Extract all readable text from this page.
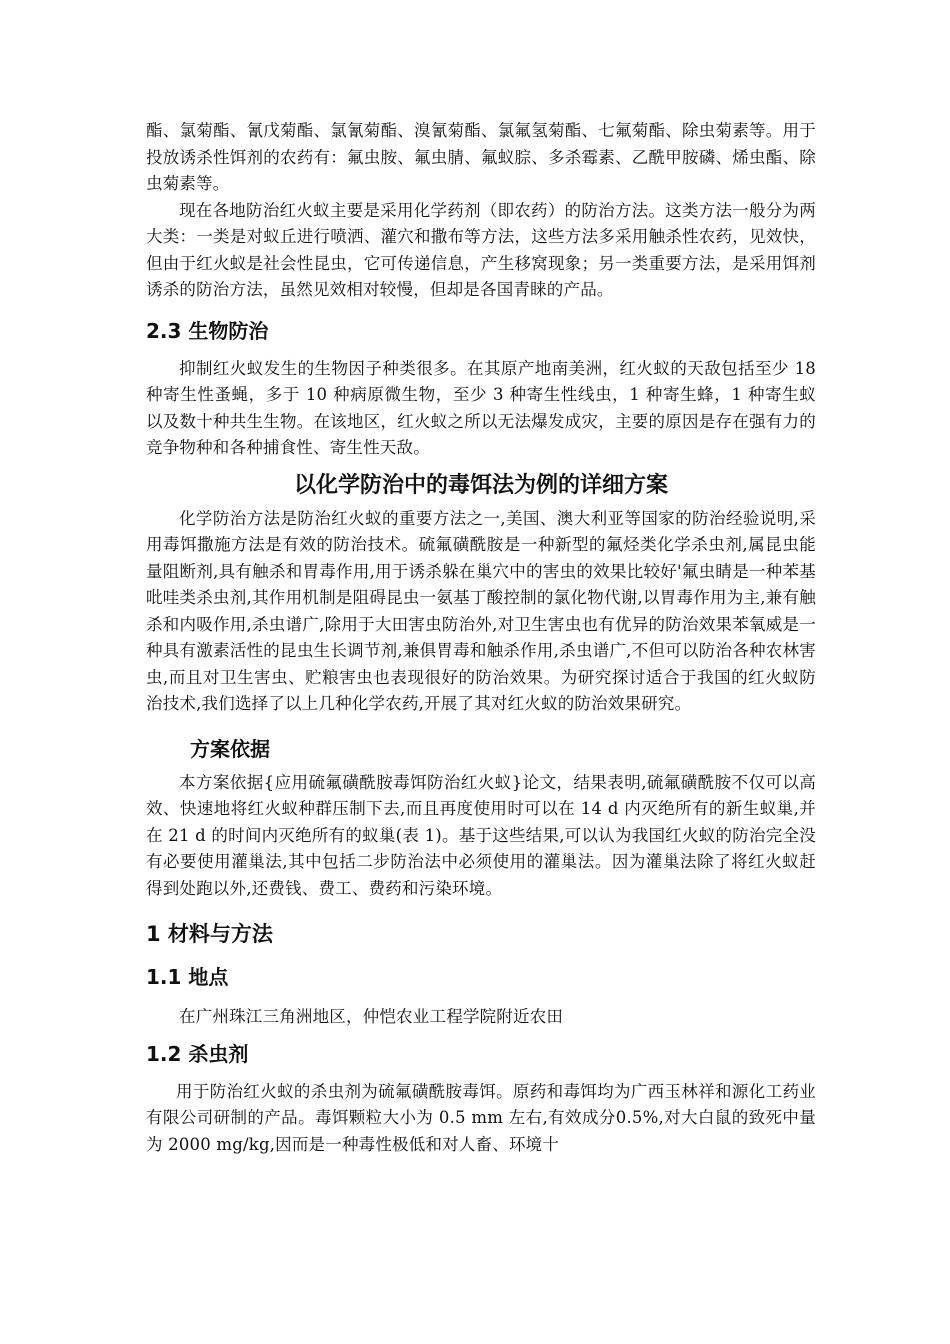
酯、氯菊酯、氰戊菊酯、氯氰菊酯、溴氰菊酯、氯氟氢菊酯、七氟菊酯、除虫菊素等。用于投放诱杀性饵剂的农药有：氟虫胺、氟虫腈、氟蚁腙、多杀霉素、乙酰甲胺磷、烯虫酯、除虫菊素等。

现在各地防治红火蚁主要是采用化学药剂（即农药）的防治方法。这类方法一般分为两大类：一类是对蚁丘进行喷洒、灌穴和撒布等方法，这些方法多采用触杀性农药，见效快，但由于红火蚁是社会性昆虫，它可传递信息，产生移窝现象；另一类重要方法，是采用饵剂诱杀的防治方法，虽然见效相对较慢，但却是各国青睐的产品。

2.3 生物防治

抑制红火蚁发生的生物因子种类很多。在其原产地南美洲，红火蚁的天敌包括至少 18 种寄生性蚤蝇，多于 10 种病原微生物，至少 3 种寄生性线虫，1 种寄生蜂，1 种寄生蚁以及数十种共生生物。在该地区，红火蚁之所以无法爆发成灾，主要的原因是存在强有力的竞争物种和各种捕食性、寄生性天敌。

以化学防治中的毒饵法为例的详细方案

化学防治方法是防治红火蚁的重要方法之一,美国、澳大利亚等国家的防治经验说明,采用毒饵撒施方法是有效的防治技术。硫氟磺酰胺是一种新型的氟烃类化学杀虫剂,属昆虫能量阻断剂,具有触杀和胃毒作用,用于诱杀躲在巢穴中的害虫的效果比较好'氟虫睛是一种苯基吡哇类杀虫剂,其作用机制是阻碍昆虫一氨基丁酸控制的氯化物代谢,以胃毒作用为主,兼有触杀和内吸作用,杀虫谱广,除用于大田害虫防治外,对卫生害虫也有优异的防治效果苯氧威是一种具有激素活性的昆虫生长调节剂,兼俱胃毒和触杀作用,杀虫谱广,不但可以防治各种农林害虫,而且对卫生害虫、贮粮害虫也表现很好的防治效果。为研究探讨适合于我国的红火蚁防治技术,我们选择了以上几种化学农药,开展了其对红火蚁的防治效果研究。

方案依据

本方案依据{应用硫氟磺酰胺毒饵防治红火蚁}论文，结果表明,硫氟磺酰胺不仅可以高效、快速地将红火蚁种群压制下去,而且再度使用时可以在 14 d 内灭绝所有的新生蚁巢,并在 21 d 的时间内灭绝所有的蚁巢(表 1)。基于这些结果,可以认为我国红火蚁的防治完全没有必要使用灌巢法,其中包括二步防治法中必须使用的灌巢法。因为灌巢法除了将红火蚁赶得到处跑以外,还费钱、费工、费药和污染环境。

1 材料与方法
1.1 地点

在广州珠江三角洲地区，仲恺农业工程学院附近农田

1.2 杀虫剂

用于防治红火蚁的杀虫剂为硫氟磺酰胺毒饵。原药和毒饵均为广西玉林祥和源化工药业有限公司研制的产品。毒饵颗粒大小为 0.5 mm 左右,有效成分0.5%,对大白鼠的致死中量为 2000 mg/kg,因而是一种毒性极低和对人畜、环境十
